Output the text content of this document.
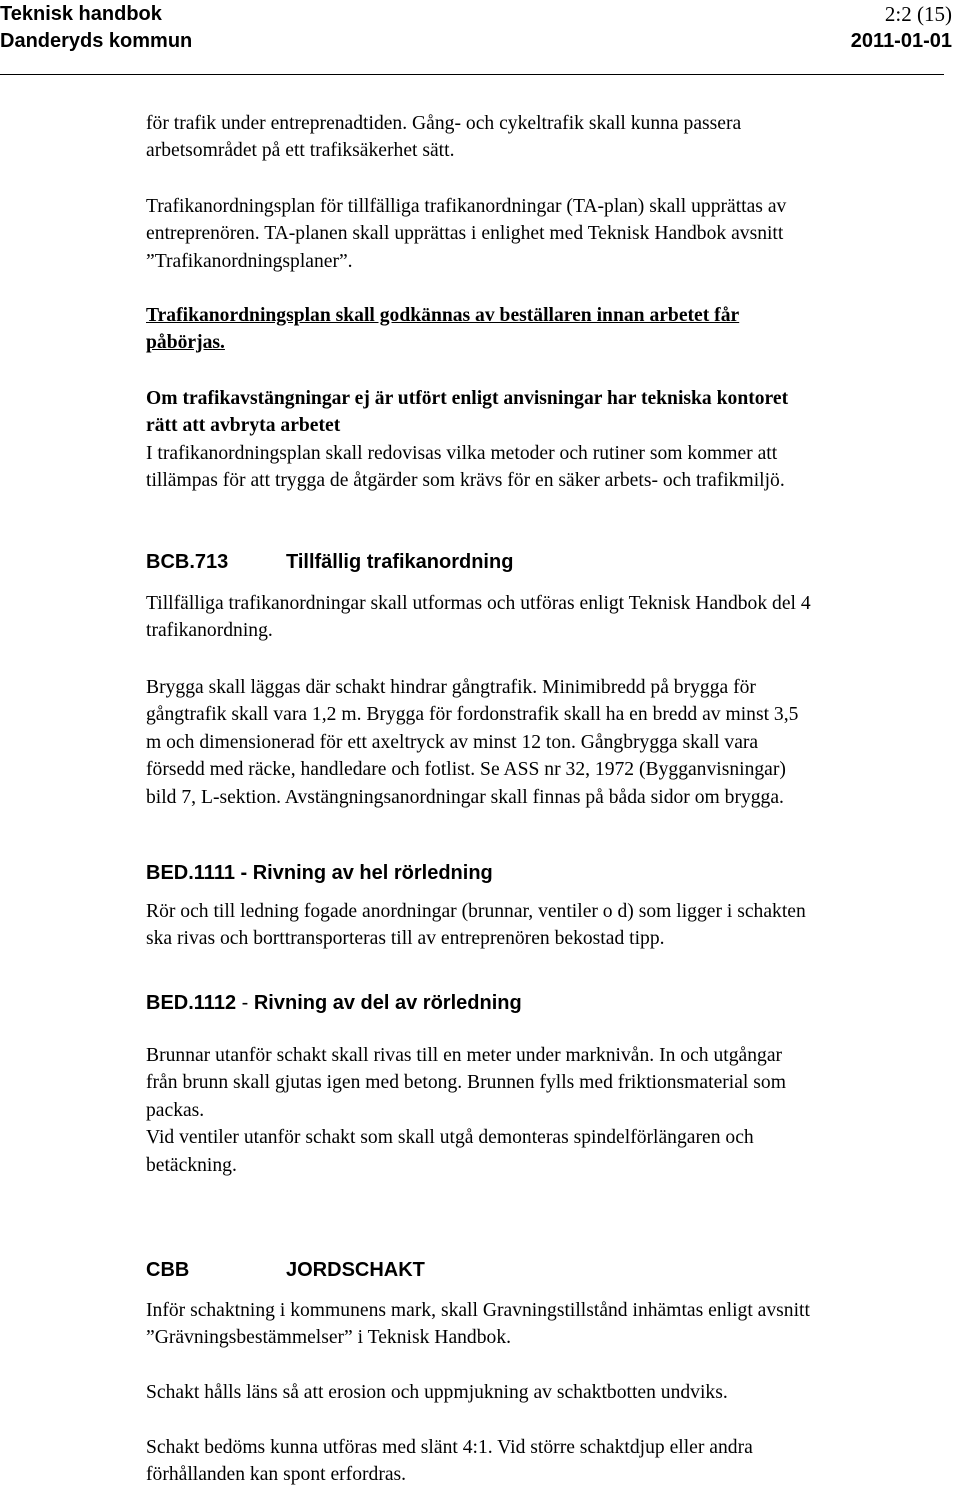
Teknisk handbok	2:2 (15)
Danderyds kommun	2011-01-01
för trafik under entreprenadtiden. Gång- och cykeltrafik skall kunna passera
arbetsområdet på ett trafiksäkerhet sätt.
Trafikanordningsplan för tillfälliga trafikanordningar (TA-plan) skall upprättas av
entreprenören. TA-planen skall upprättas i enlighet med Teknisk Handbok avsnitt
”Trafikanordningsplaner”.
Trafikanordningsplan skall godkännas av beställaren innan arbetet får
påbörjas.
Om trafikavstängningar ej är utfört enligt anvisningar har tekniska kontoret
rätt att avbryta arbetet
I trafikanordningsplan skall redovisas vilka metoder och rutiner som kommer att
tillämpas för att trygga de åtgärder som krävs för en säker arbets- och trafikmiljö.
BCB.713	Tillfällig trafikanordning
Tillfälliga trafikanordningar skall utformas och utföras enligt Teknisk Handbok del 4
trafikanordning.
Brygga skall läggas där schakt hindrar gångtrafik. Minimibredd på brygga för
gångtrafik skall vara 1,2 m. Brygga för fordonstrafik skall ha en bredd av minst 3,5
m och dimensionerad för ett axeltryck av minst 12 ton. Gångbrygga skall vara
försedd med räcke, handledare och fotlist. Se ASS nr 32, 1972 (Bygganvisningar)
bild 7, L-sektion. Avstängningsanordningar skall finnas på båda sidor om brygga.
BED.1111 - Rivning av hel rörledning
Rör och till ledning fogade anordningar (brunnar, ventiler o d) som ligger i schakten
ska rivas och borttransporteras till av entreprenören bekostad tipp.
BED.1112 - Rivning av del av rörledning
Brunnar utanför schakt skall rivas till en meter under marknivån. In och utgångar
från brunn skall gjutas igen med betong. Brunnen fylls med friktionsmaterial som
packas.
Vid ventiler utanför schakt som skall utgå demonteras spindelförlängaren och
betäckning.
CBB	JORDSCHAKT
Inför schaktning i kommunens mark, skall Gravningstillstånd inhämtas enligt avsnitt
”Grävningsbestämmelser” i Teknisk Handbok.
Schakt hålls läns så att erosion och uppmjukning av schaktbotten undviks.
Schakt bedöms kunna utföras med slänt 4:1. Vid större schaktdjup eller andra
förhållanden kan spont erfordras.
